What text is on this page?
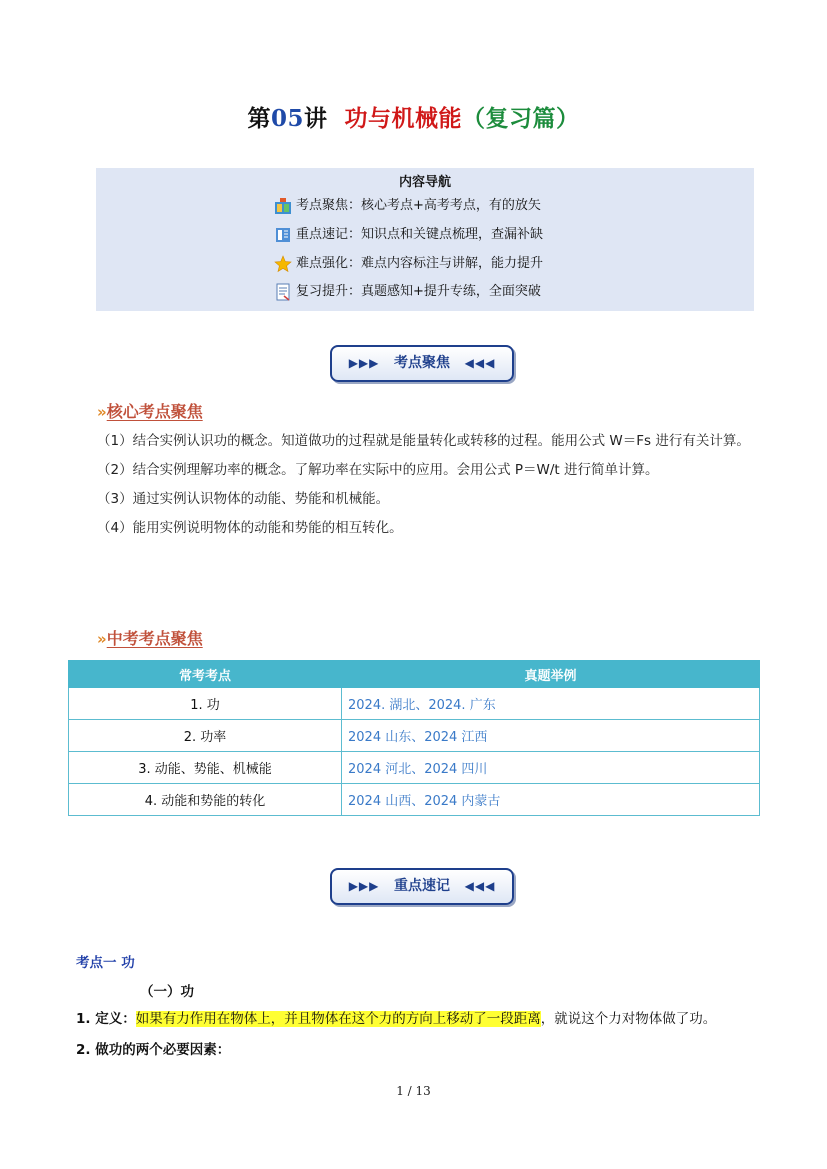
第05讲 功与机械能（复习篇）
内容导航
考点聚焦：核心考点+高考考点，有的放矢
重点速记：知识点和关键点梳理，查漏补缺
难点强化：难点内容标注与讲解，能力提升
复习提升：真题感知+提升专练，全面突破
▶▶▶ 考点聚焦 ◀◀◀
»核心考点聚焦
（1）结合实例认识功的概念。知道做功的过程就是能量转化或转移的过程。能用公式 W＝Fs 进行有关计算。
（2）结合实例理解功率的概念。了解功率在实际中的应用。会用公式 P＝W/t 进行简单计算。
（3）通过实例认识物体的动能、势能和机械能。
（4）能用实例说明物体的动能和势能的相互转化。
»中考考点聚焦
常考考点	真题举例
1. 功	2024. 湖北、2024. 广东
2. 功率	2024 山东、2024 江西
3. 动能、势能、机械能	2024 河北、2024 四川
4. 动能和势能的转化	2024 山西、2024 内蒙古
▶▶▶ 重点速记 ◀◀◀
考点一 功
（一）功
1. 定义：如果有力作用在物体上，并且物体在这个力的方向上移动了一段距离，就说这个力对物体做了功。
2. 做功的两个必要因素：
1 / 13
